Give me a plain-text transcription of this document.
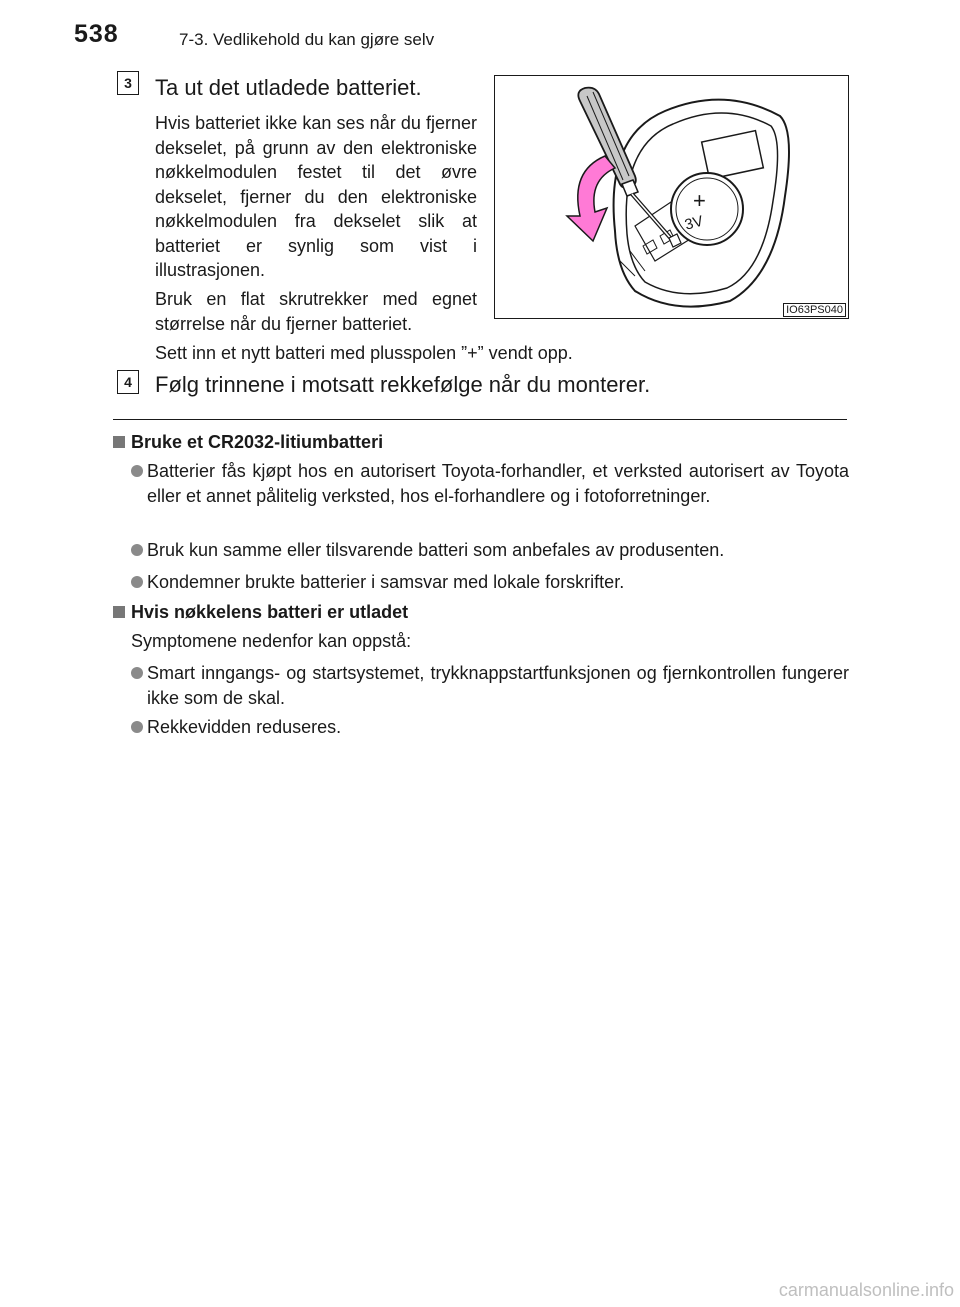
538	7-3. Vedlikehold du kan gjøre selv
3	Ta ut det utladede batteriet.
Hvis batteriet ikke kan ses når du fjerner dekselet, på grunn av den elektroniske nøkkelmodulen festet til det øvre dekselet, fjerner du den elektroniske nøkkelmodulen fra dekselet slik at batteriet er synlig som vist i illustrasjonen.
Bruk en flat skrutrekker med egnet størrelse når du fjerner batteriet.
Sett inn et nytt batteri med plusspolen ”+” vendt opp.
+
3V
IO63PS040
4	Følg trinnene i motsatt rekkefølge når du monterer.
Bruke et CR2032-litiumbatteri
Batterier fås kjøpt hos en autorisert Toyota-forhandler, et verksted autorisert av Toyota eller et annet pålitelig verksted, hos el-forhandlere og i fotoforretninger.
Bruk kun samme eller tilsvarende batteri som anbefales av produsenten.
Kondemner brukte batterier i samsvar med lokale forskrifter.
Hvis nøkkelens batteri er utladet
Symptomene nedenfor kan oppstå:
Smart inngangs- og startsystemet, trykknappstartfunksjonen og fjernkontrollen fungerer ikke som de skal.
Rekkevidden reduseres.
carmanualsonline.info
